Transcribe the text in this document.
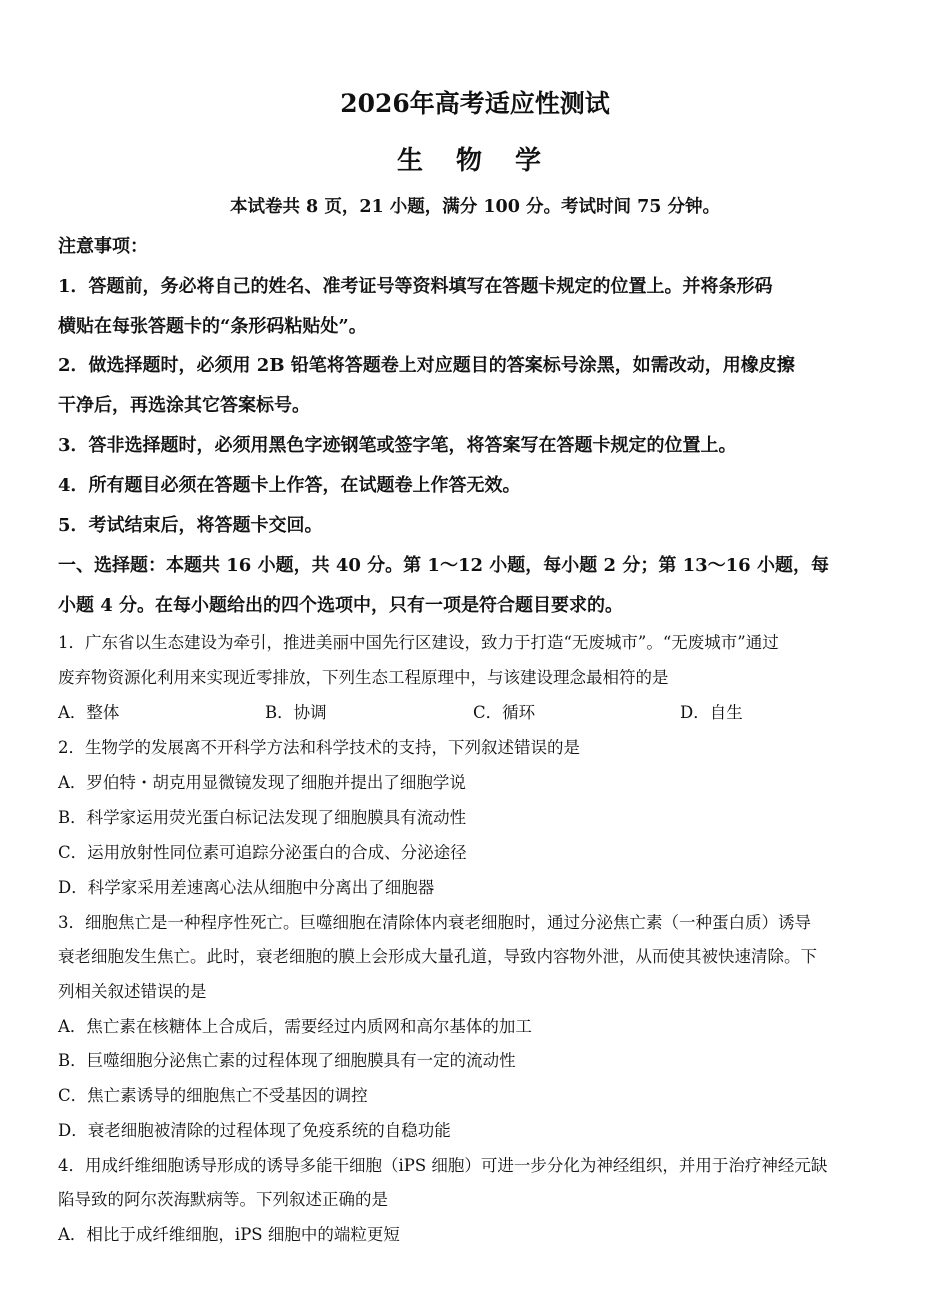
2026年高考适应性测试
生 物 学
本试卷共 8 页，21 小题，满分 100 分。考试时间 75 分钟。
注意事项：
1．答题前，务必将自己的姓名、准考证号等资料填写在答题卡规定的位置上。并将条形码
横贴在每张答题卡的“条形码粘贴处”。
2．做选择题时，必须用 2B 铅笔将答题卷上对应题目的答案标号涂黑，如需改动，用橡皮擦
干净后，再选涂其它答案标号。
3．答非选择题时，必须用黑色字迹钢笔或签字笔，将答案写在答题卡规定的位置上。
4．所有题目必须在答题卡上作答，在试题卷上作答无效。
5．考试结束后，将答题卡交回。
一、选择题：本题共 16 小题，共 40 分。第 1～12 小题，每小题 2 分；第 13～16 小题，每
小题 4 分。在每小题给出的四个选项中，只有一项是符合题目要求的。
1．广东省以生态建设为牵引，推进美丽中国先行区建设，致力于打造“无废城市”。“无废城市”通过
废弃物资源化利用来实现近零排放，下列生态工程原理中，与该建设理念最相符的是
A．整体	B．协调	C．循环	D．自生
2．生物学的发展离不开科学方法和科学技术的支持，下列叙述错误的是
A．罗伯特・胡克用显微镜发现了细胞并提出了细胞学说
B．科学家运用荧光蛋白标记法发现了细胞膜具有流动性
C．运用放射性同位素可追踪分泌蛋白的合成、分泌途径
D．科学家采用差速离心法从细胞中分离出了细胞器
3．细胞焦亡是一种程序性死亡。巨噬细胞在清除体内衰老细胞时，通过分泌焦亡素（一种蛋白质）诱导
衰老细胞发生焦亡。此时，衰老细胞的膜上会形成大量孔道，导致内容物外泄，从而使其被快速清除。下
列相关叙述错误的是
A．焦亡素在核糖体上合成后，需要经过内质网和高尔基体的加工
B．巨噬细胞分泌焦亡素的过程体现了细胞膜具有一定的流动性
C．焦亡素诱导的细胞焦亡不受基因的调控
D．衰老细胞被清除的过程体现了免疫系统的自稳功能
4．用成纤维细胞诱导形成的诱导多能干细胞（iPS 细胞）可进一步分化为神经组织，并用于治疗神经元缺
陷导致的阿尔茨海默病等。下列叙述正确的是
A．相比于成纤维细胞，iPS 细胞中的端粒更短
